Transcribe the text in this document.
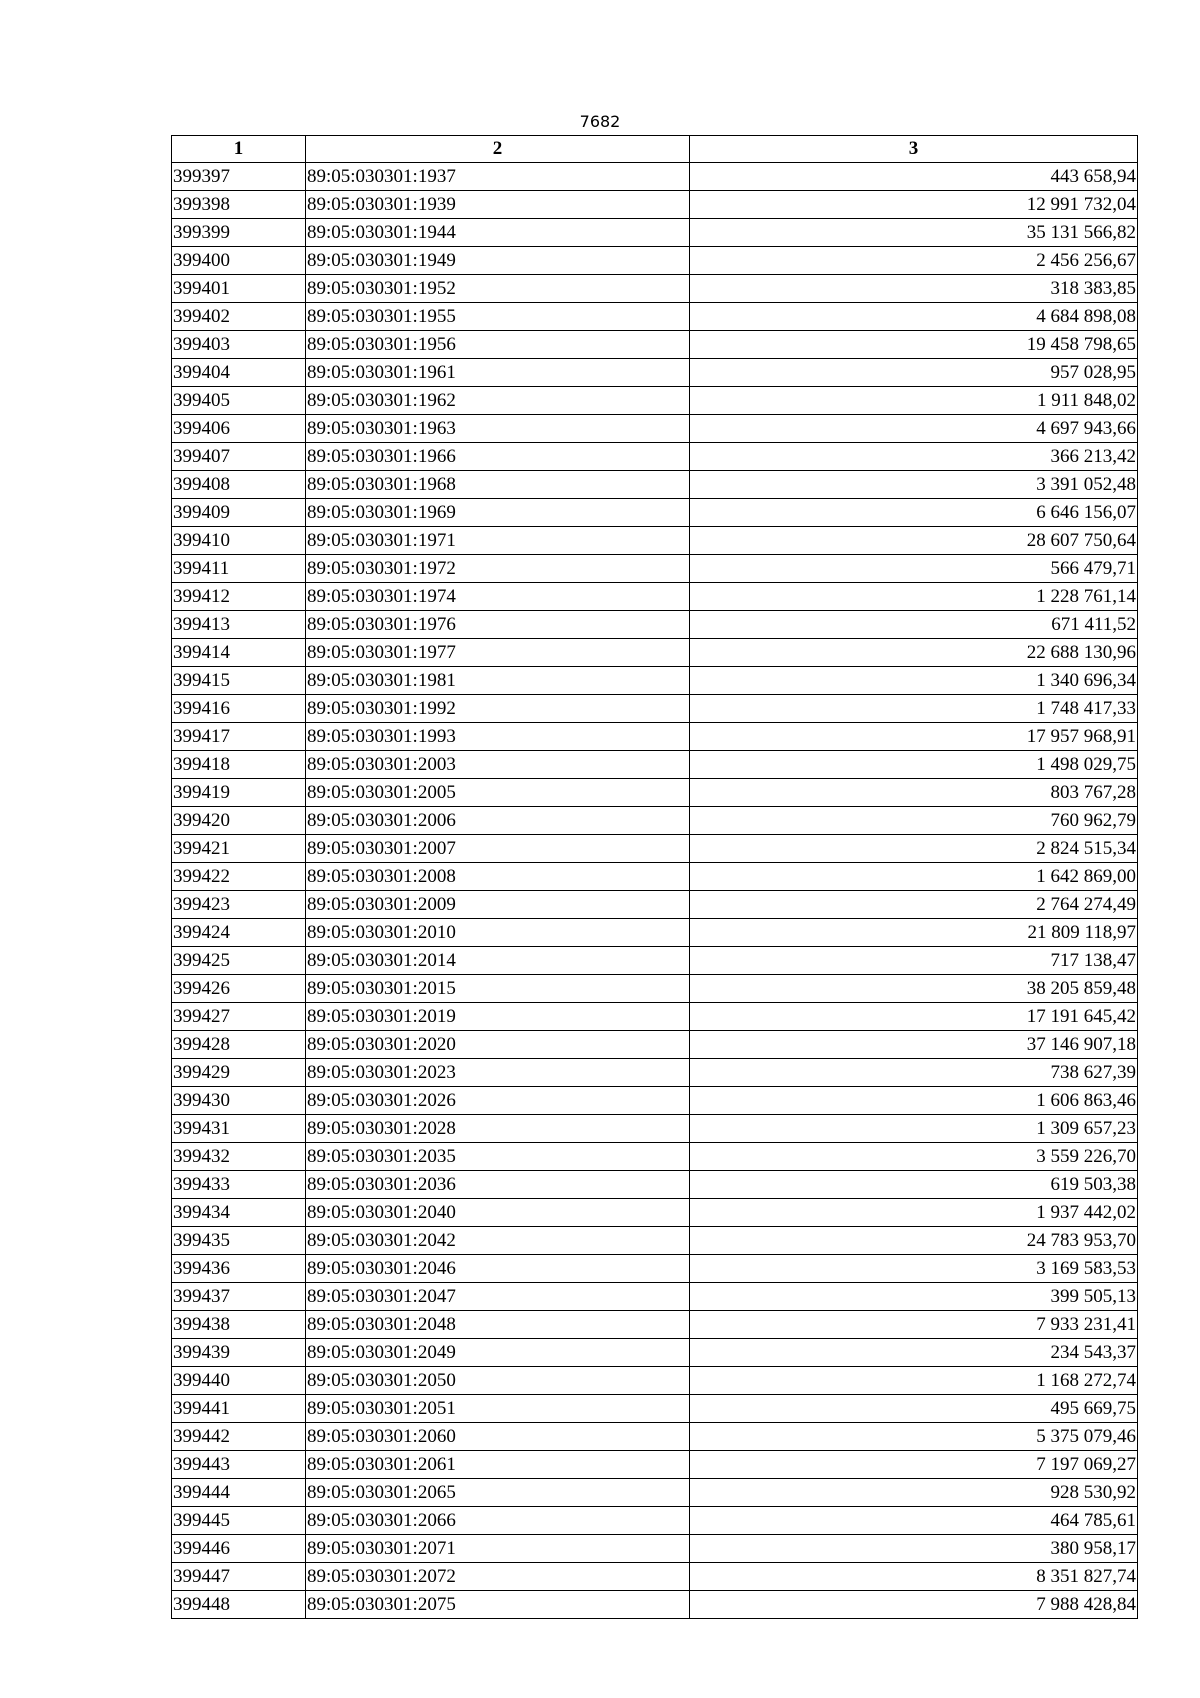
7682
1	2	3
399397	89:05:030301:1937	443 658,94
399398	89:05:030301:1939	12 991 732,04
399399	89:05:030301:1944	35 131 566,82
399400	89:05:030301:1949	2 456 256,67
399401	89:05:030301:1952	318 383,85
399402	89:05:030301:1955	4 684 898,08
399403	89:05:030301:1956	19 458 798,65
399404	89:05:030301:1961	957 028,95
399405	89:05:030301:1962	1 911 848,02
399406	89:05:030301:1963	4 697 943,66
399407	89:05:030301:1966	366 213,42
399408	89:05:030301:1968	3 391 052,48
399409	89:05:030301:1969	6 646 156,07
399410	89:05:030301:1971	28 607 750,64
399411	89:05:030301:1972	566 479,71
399412	89:05:030301:1974	1 228 761,14
399413	89:05:030301:1976	671 411,52
399414	89:05:030301:1977	22 688 130,96
399415	89:05:030301:1981	1 340 696,34
399416	89:05:030301:1992	1 748 417,33
399417	89:05:030301:1993	17 957 968,91
399418	89:05:030301:2003	1 498 029,75
399419	89:05:030301:2005	803 767,28
399420	89:05:030301:2006	760 962,79
399421	89:05:030301:2007	2 824 515,34
399422	89:05:030301:2008	1 642 869,00
399423	89:05:030301:2009	2 764 274,49
399424	89:05:030301:2010	21 809 118,97
399425	89:05:030301:2014	717 138,47
399426	89:05:030301:2015	38 205 859,48
399427	89:05:030301:2019	17 191 645,42
399428	89:05:030301:2020	37 146 907,18
399429	89:05:030301:2023	738 627,39
399430	89:05:030301:2026	1 606 863,46
399431	89:05:030301:2028	1 309 657,23
399432	89:05:030301:2035	3 559 226,70
399433	89:05:030301:2036	619 503,38
399434	89:05:030301:2040	1 937 442,02
399435	89:05:030301:2042	24 783 953,70
399436	89:05:030301:2046	3 169 583,53
399437	89:05:030301:2047	399 505,13
399438	89:05:030301:2048	7 933 231,41
399439	89:05:030301:2049	234 543,37
399440	89:05:030301:2050	1 168 272,74
399441	89:05:030301:2051	495 669,75
399442	89:05:030301:2060	5 375 079,46
399443	89:05:030301:2061	7 197 069,27
399444	89:05:030301:2065	928 530,92
399445	89:05:030301:2066	464 785,61
399446	89:05:030301:2071	380 958,17
399447	89:05:030301:2072	8 351 827,74
399448	89:05:030301:2075	7 988 428,84
